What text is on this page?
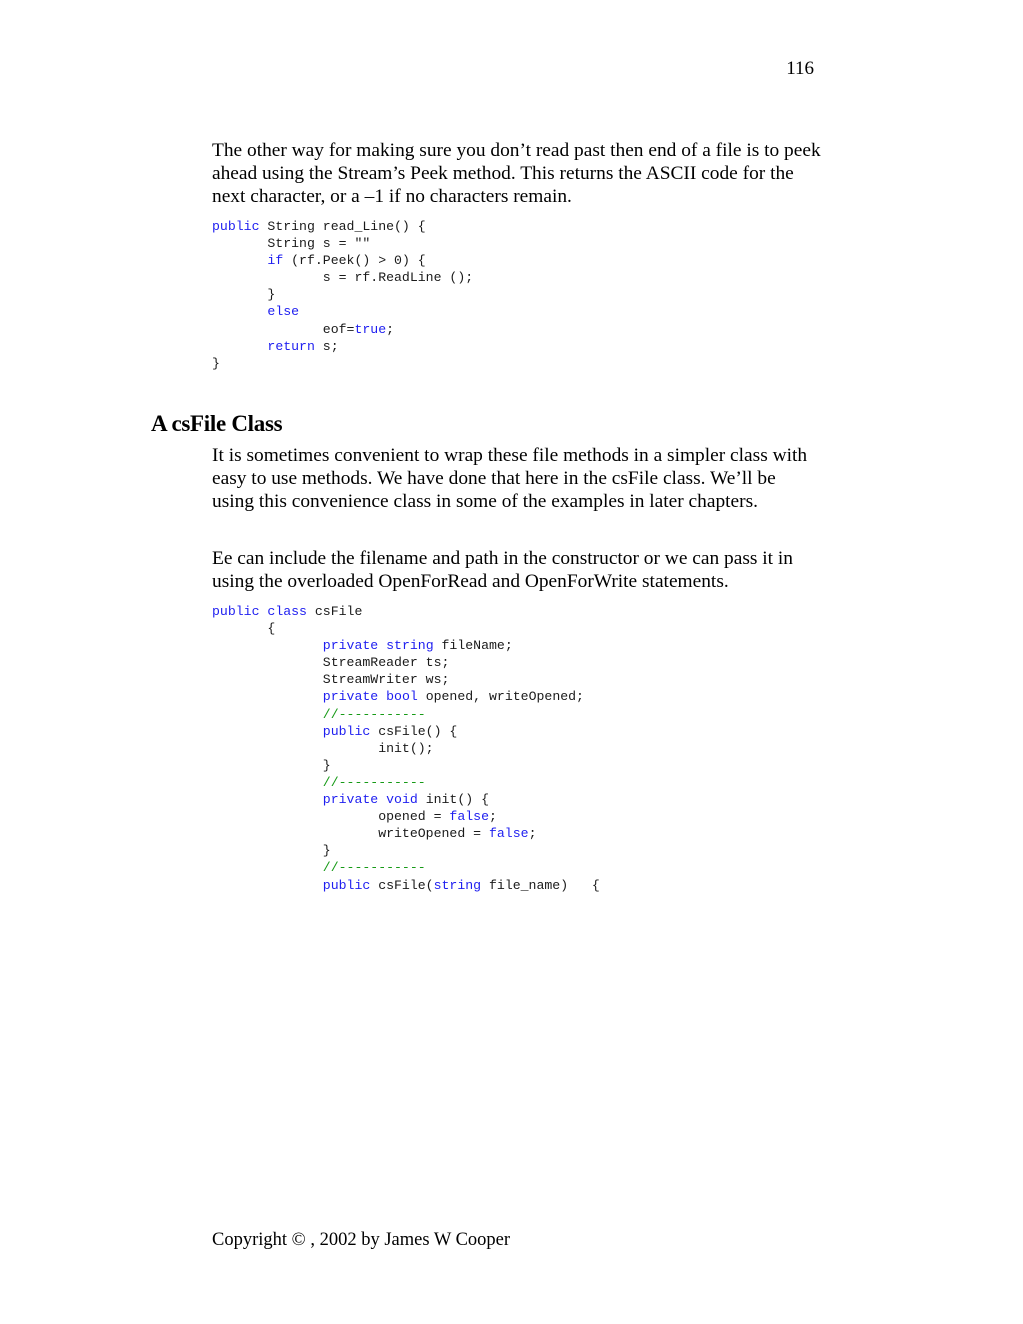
116

The other way for making sure you don’t read past then end of a file is to peek ahead using the Stream’s Peek method. This returns the ASCII code for the next character, or a –1 if no characters remain.

public String read_Line() {
String s = ""
if (rf.Peek() > 0) {
s = rf.ReadLine ();
}
else
eof=true;
return s;
}
A csFile Class

It is sometimes convenient to wrap these file methods in a simpler class with easy to use methods. We have done that here in the csFile class. We’ll be using this convenience class in some of the examples in later chapters.

Ee can include the filename and path in the constructor or we can pass it in using the overloaded OpenForRead and OpenForWrite statements.

public class csFile
{
private string fileName;
StreamReader ts;
StreamWriter ws;
private bool opened, writeOpened;
//-----------
public csFile() {
init();
}
//-----------
private void init() {
opened = false;
writeOpened = false;
}
//-----------
public csFile(string file_name)   {

Copyright © , 2002 by James W Cooper
